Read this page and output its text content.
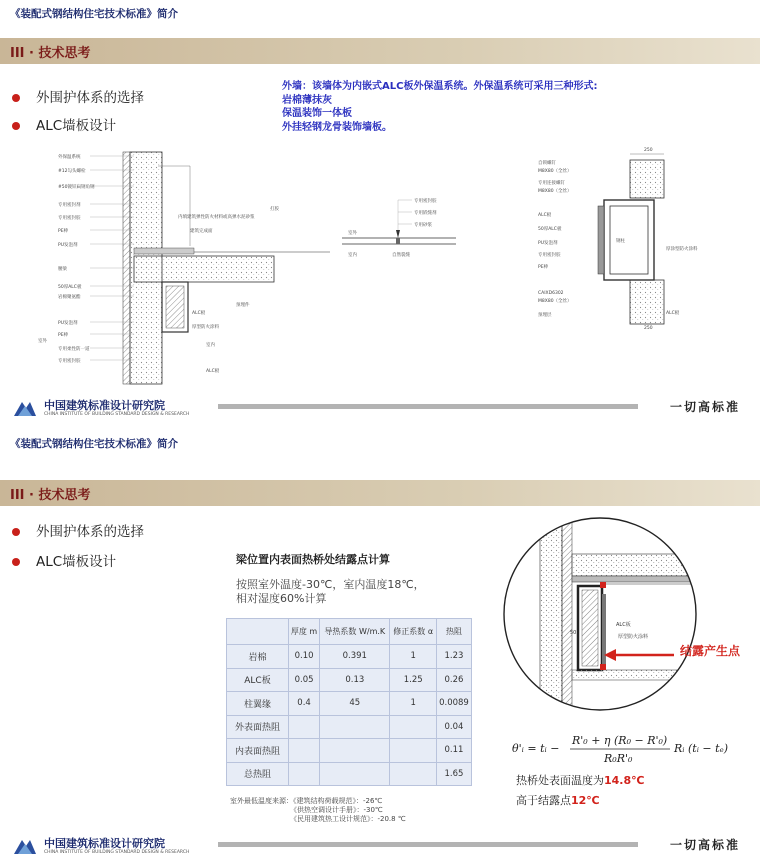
《装配式钢结构住宅技术标准》简介
III · 技术思考
外围护体系的选择
ALC墙板设计
外墙：该墙体为内嵌式ALC板外保温系统。外保温系统可采用三种形式:
岩棉薄抹灰
保温装饰一体板
外挂轻钢龙骨装饰墙板。
外保温系统
#12勾头螺栓
#50镀锌扁钢角钢
专用密封剂
专用密封胶
PE棒
PU发泡剂
腰梁
50厚ALC板
岩棉聚氨酯
PU发泡剂
PE棒
专用柔性防一道
专用密封胶
室外
打胶
内填建筑弹性防火材料或高弹水泥砂浆
建筑完成面
预埋件
ALC板
厚型防火涂料
室内
ALC板
专用密封胶
专用嵌缝剂
专用砂浆
室外
室内	自然裂缝
250
钢柱
厚涂型防火涂料
ALC板
250
自锁螺钉
M8X80（全丝）
专用连接螺钉
M8X80（全丝）
ALC板
50厚ALC板
PU发泡剂
专用密封胶
PE棒
CAIXD6302
M8X80（全丝）
预埋层
中国建筑标准设计研究院
CHINA INSTITUTE OF BUILDING STANDARD DESIGN & RESEARCH	一切高标准
《装配式钢结构住宅技术标准》简介
III · 技术思考
外围护体系的选择
ALC墙板设计	梁位置内表面热桥处结露点计算
按照室外温度-30℃，室内温度18℃，
相对湿度60%计算
	厚度 m	导热系数 W/m.K	修正系数 α	热阻
岩棉	0.10	0.391	1	1.23
ALC板	0.05	0.13	1.25	0.26
柱翼缘	0.4	45	1	0.0089
外表面热阻				0.04
内表面热阻				0.11
总热阻				1.65
室外最低温度来源：《建筑结构荷载规范》：-26℃
《供热空调设计手册》：-30℃
《民用建筑热工设计规范》：-20.8 ℃
ALC板
厚型防火涂料
50
结露产生点
θ'ᵢ = tᵢ −
R'₀ + η (R₀ − R'₀)
R₀R'₀
Rᵢ (tᵢ − tₑ)
热桥处表面温度为14.8℃
高于结露点12℃
中国建筑标准设计研究院
CHINA INSTITUTE OF BUILDING STANDARD DESIGN & RESEARCH	一切高标准
